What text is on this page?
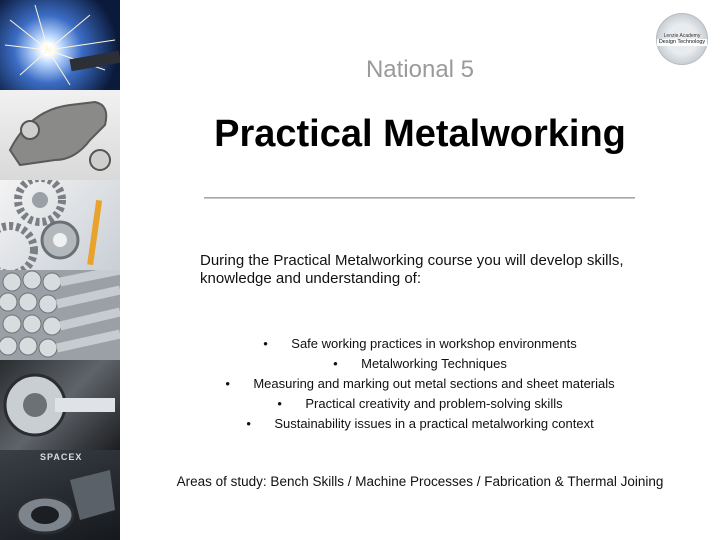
SPACEX
Lenzie Academy
Design Technology
National 5
Practical Metalworking
During the Practical Metalworking course you will develop skills, knowledge and understanding of:
• Safe working practices in workshop environments
• Metalworking Techniques
• Measuring and marking out metal sections and sheet materials
• Practical creativity and problem-solving skills
• Sustainability issues in a practical metalworking context
Areas of study: Bench Skills / Machine Processes / Fabrication & Thermal Joining
